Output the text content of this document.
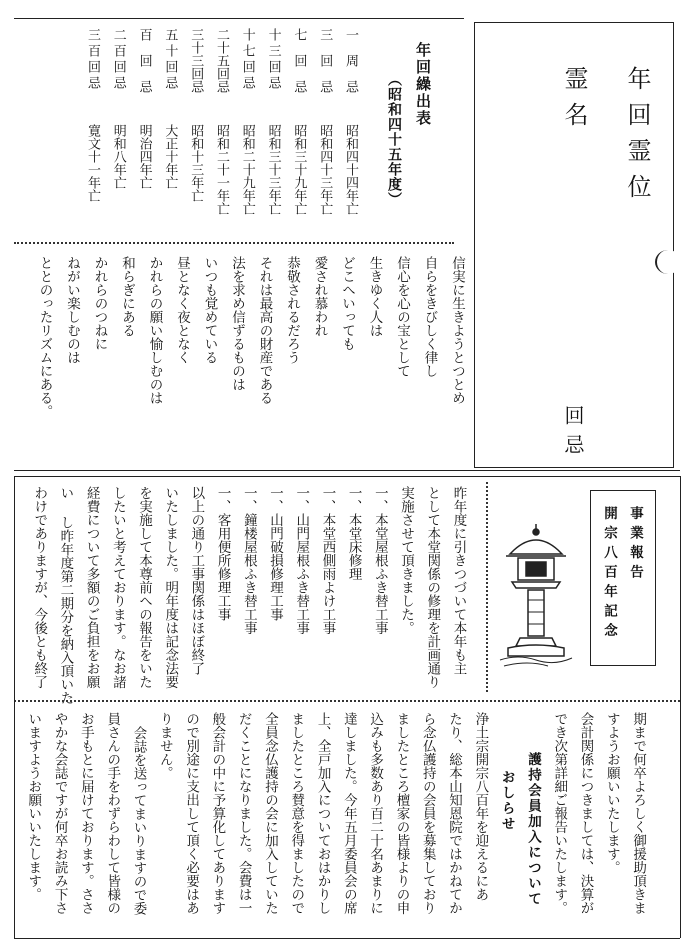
年回繰出表
（昭和四十五年度）
一　周　忌
昭和四十四年亡
三　回　忌
昭和四十三年亡
七　回　忌
昭和三十九年亡
十三回忌
昭和三十三年亡
十七回忌
昭和二十九年亡
二十五回忌
昭和二十一年亡
三十三回忌
昭和十三年亡
五十回忌
大正十年亡
百　回　忌
明治四年亡
二百回忌
明和八年亡
三百回忌
寛文十一年亡	年回霊位
霊名
回
忌

信実に生きようとつとめ

自らをきびしく律し

信心を心の宝として

生きゆく人は

どこへいっても

愛され慕われ

恭敬されるだろう

それは最高の財産である

法を求め信ずるものは

いつも覚めている

昼となく夜となく

かれらの願い愉しむのは

和らぎにある

かれらのつねに

ねがい楽しむのは

ととのったリズムにある。

昨年度に引きつづいて本年も主

として本堂関係の修理を計画通り

実施させて頂きました。

一、本堂屋根ふき替工事

一、本堂床修理

一、本堂西側雨よけ工事

一、山門屋根ふき替工事

一、山門破損修理工事

一、鐘楼屋根ふき替工事

一、客用便所修理工事

以上の通り工事関係はほぼ終了

いたしました。明年度は記念法要

を実施して本尊前への報告をいた

したいと考えております。なお諸

経費について多額のご負担をお願

い し昨年度第二期分を納入頂いた

わけでありますが、今後とも終了	事業報告

開宗八百年記念

期まで何卒よろしく御援助頂きま

すようお願いいたします。

会計関係につきましては、決算が

でき次第詳細ご報告いたします。

護持会員加入について

おしらせ

浄土宗開宗八百年を迎えるにあ

たり、総本山知恩院ではかねてか

ら念仏護持の会員を募集しており

ましたところ檀家の皆様よりの申

込みも多数あり百二十名あまりに

達しました。今年五月委員会の席

上、全戸加入についておはかりし

ましたところ賛意を得ましたので

全員念仏護持の会に加入していた

だくことになりました。会費は一

般会計の中に予算化してあります

ので別途に支出して頂く必要はあ

りません。

会誌を送ってまいりますので委

員さんの手をわずらわして皆様の

お手もとに届けております。ささ

やかな会誌ですが何卒お読み下さ

いますようお願いいたします。
